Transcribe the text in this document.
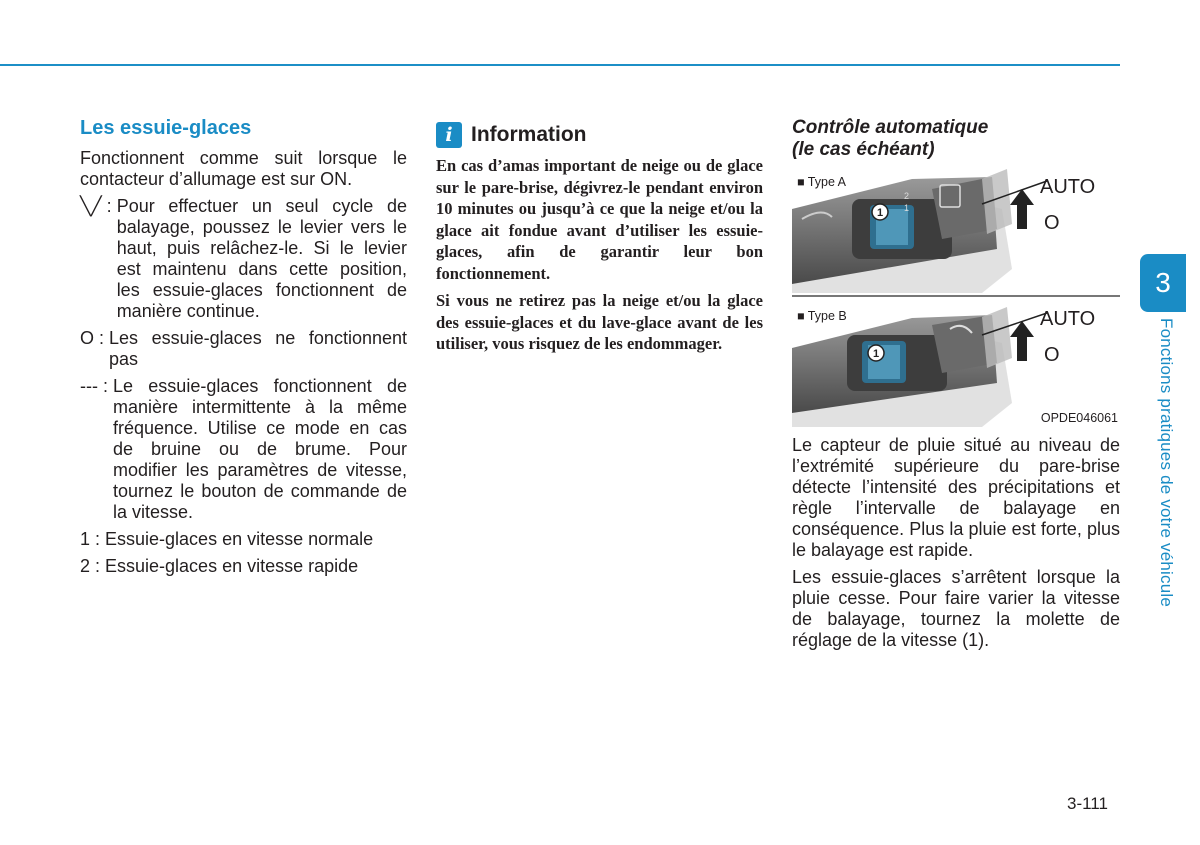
Les essuie-glaces

Fonctionnent comme suit lorsque le contacteur d’allumage est sur ON.

╲╱ : Pour effectuer un seul cycle de balayage, poussez le levier vers le haut, puis relâchez-le. Si le levier est maintenu dans cette position, les essuie-glaces fonctionnent de manière continue.
O : Les essuie-glaces ne fonctionnent pas
--- : Le essuie-glaces fonctionnent de manière intermittente à la même fréquence. Utilise ce mode en cas de bruine ou de brume. Pour modifier les paramètres de vitesse, tournez le bouton de commande de la vitesse.
1 : Essuie-glaces en vitesse normale
2 : Essuie-glaces en vitesse rapide
i Information

En cas d’amas important de neige ou de glace sur le pare-brise, dégivrez-le pendant environ 10 minutes ou jusqu’à ce que la neige et/ou la glace ait fondue avant d’utiliser les essuie-glaces, afin de garantir leur bon fonctionnement.

Si vous ne retirez pas la neige et/ou la glace des essuie-glaces et du lave-glace avant de les utiliser, vous risquez de les endommager.

Contrôle automatique
(le cas échéant)
■ Type A
1
2
1
AUTO
O
■ Type B
1
AUTO
O
OPDE046061

Le capteur de pluie situé au niveau de l’extrémité supérieure du pare-brise détecte l’intensité des précipitations et règle l’intervalle de balayage en conséquence. Plus la pluie est forte, plus le balayage est rapide.

Les essuie-glaces s’arrêtent lorsque la pluie cesse. Pour faire varier la vitesse de balayage, tournez la molette de réglage de la vitesse (1).

3
Fonctions pratiques de votre véhicule
3-111
